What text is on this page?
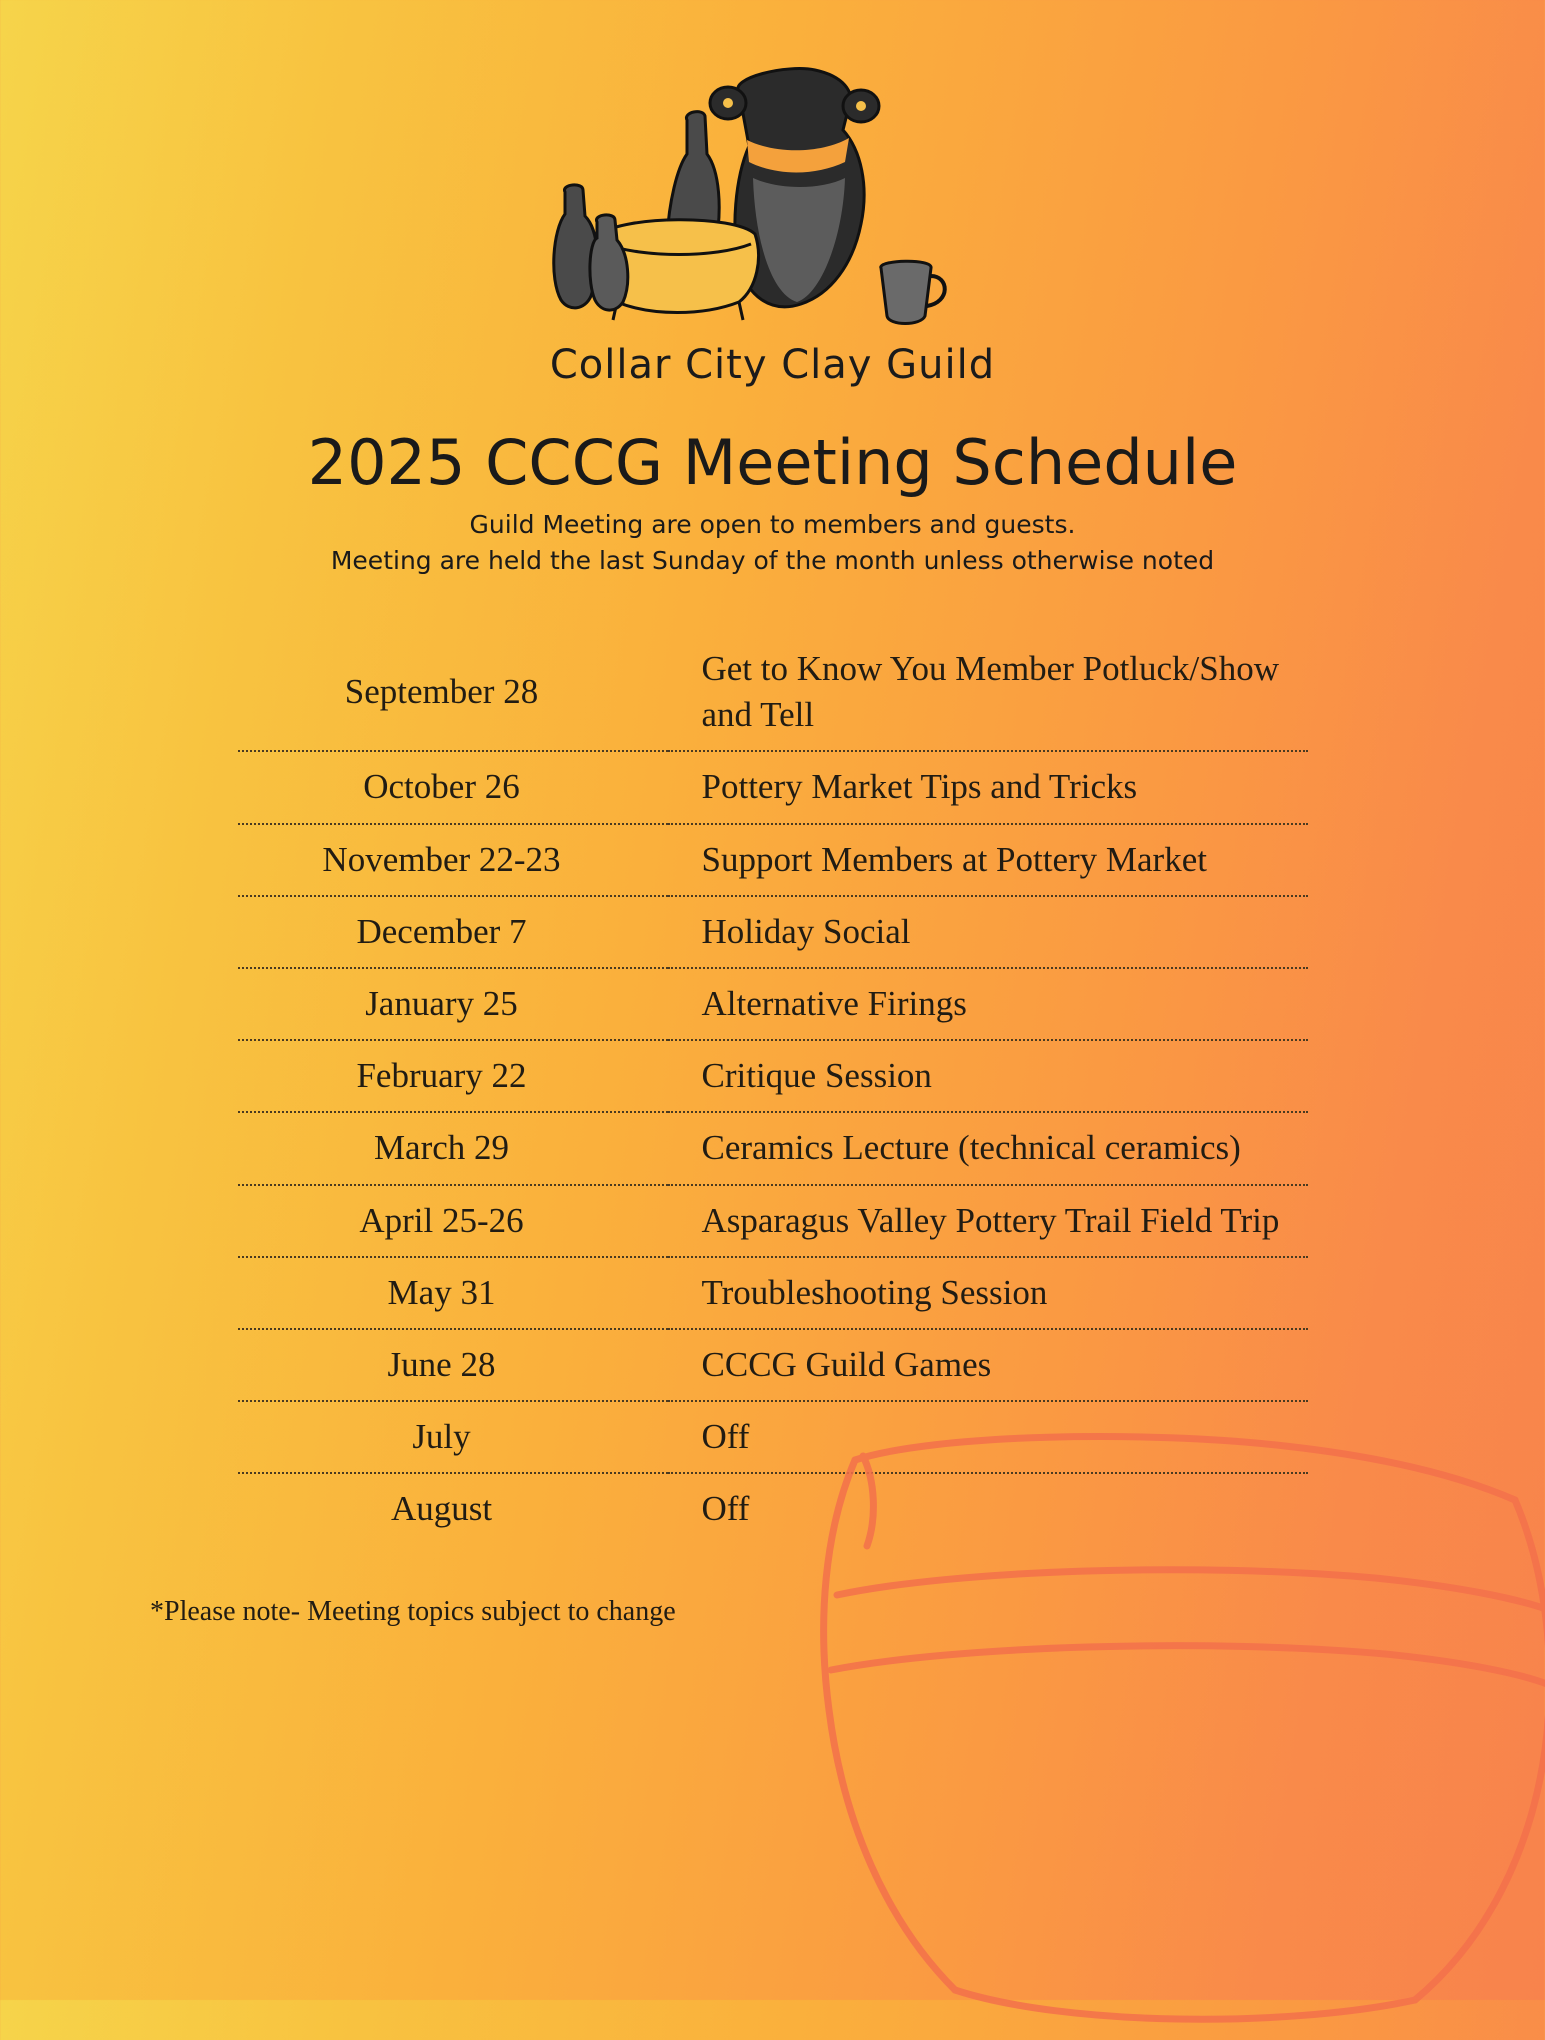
Collar City Clay Guild
2025 CCCG Meeting Schedule
Guild Meeting are open to members and guests.
Meeting are held the last Sunday of the month unless otherwise noted
September 28	Get to Know You Member Potluck/Show and Tell
October 26	Pottery Market Tips and Tricks
November 22-23	Support Members at Pottery Market
December 7	Holiday Social
January 25	Alternative Firings
February 22	Critique Session
March 29	Ceramics Lecture (technical ceramics)
April 25-26	Asparagus Valley Pottery Trail Field Trip
May 31	Troubleshooting Session
June 28	CCCG Guild Games
July	Off
August	Off
*Please note- Meeting topics subject to change
